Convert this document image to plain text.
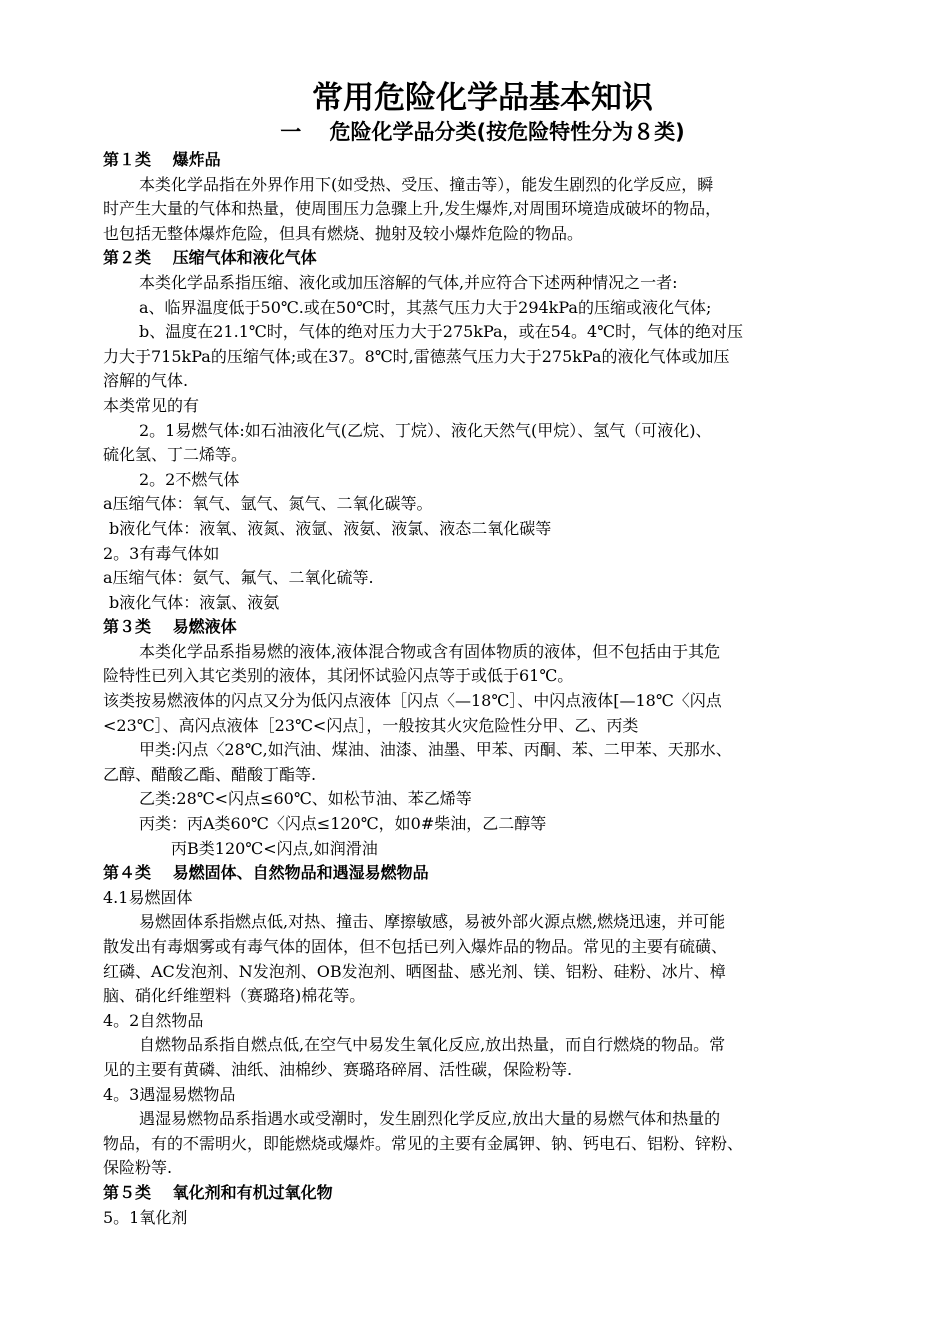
常用危险化学品基本知识
一　 危险化学品分类(按危险特性分为８类)

第１类　 爆炸品

本类化学品指在外界作用下(如受热、受压、撞击等），能发生剧烈的化学反应，瞬

时产生大量的气体和热量，使周围压力急骤上升,发生爆炸,对周围环境造成破坏的物品，

也包括无整体爆炸危险，但具有燃烧、抛射及较小爆炸危险的物品。

第２类　 压缩气体和液化气体

本类化学品系指压缩、液化或加压溶解的气体,并应符合下述两种情况之一者:

a、临界温度低于50℃.或在50℃时，其蒸气压力大于294kPa的压缩或液化气体;

b、温度在21.1℃时，气体的绝对压力大于275kPa，或在54。4℃时，气体的绝对压

力大于715kPa的压缩气体;或在37。8℃时,雷德蒸气压力大于275kPa的液化气体或加压

溶解的气体.

本类常见的有

2。1易燃气体:如石油液化气(乙烷、丁烷）、液化天然气(甲烷）、氢气（可液化)、

硫化氢、丁二烯等。

2。2不燃气体

a压缩气体：氧气、氩气、氮气、二氧化碳等。

b液化气体：液氧、液氮、液氩、液氨、液氯、液态二氧化碳等

2。3有毒气体如

a压缩气体：氨气、氟气、二氧化硫等.

b液化气体：液氯、液氨

第３类　 易燃液体

本类化学品系指易燃的液体,液体混合物或含有固体物质的液体，但不包括由于其危

险特性已列入其它类别的液体，其闭怀试验闪点等于或低于61℃。

该类按易燃液体的闪点又分为低闪点液体［闪点〈—18℃］、中闪点液体[—18℃〈闪点

<23℃］、高闪点液体［23℃<闪点］，一般按其火灾危险性分甲、乙、丙类

甲类:闪点〈28℃,如汽油、煤油、油漆、油墨、甲苯、丙酮、苯、二甲苯、天那水、

乙醇、醋酸乙酯、醋酸丁酯等.

乙类:28℃<闪点≤60℃、如松节油、苯乙烯等

丙类：丙A类60℃〈闪点≤120℃，如0#柴油，乙二醇等

丙B类120℃<闪点,如润滑油

第４类　 易燃固体、自然物品和遇湿易燃物品

4.1易燃固体

易燃固体系指燃点低,对热、撞击、摩擦敏感，易被外部火源点燃,燃烧迅速，并可能

散发出有毒烟雾或有毒气体的固体，但不包括已列入爆炸品的物品。常见的主要有硫磺、

红磷、AC发泡剂、N发泡剂、OB发泡剂、晒图盐、感光剂、镁、铝粉、硅粉、冰片、樟

脑、硝化纤维塑料（赛璐珞)棉花等。

4。2自然物品

自燃物品系指自燃点低,在空气中易发生氧化反应,放出热量，而自行燃烧的物品。常

见的主要有黄磷、油纸、油棉纱、赛璐珞碎屑、活性碳，保险粉等.

4。3遇湿易燃物品

遇湿易燃物品系指遇水或受潮时，发生剧烈化学反应,放出大量的易燃气体和热量的

物品，有的不需明火，即能燃烧或爆炸。常见的主要有金属钾、钠、钙电石、铝粉、锌粉、

保险粉等.

第５类　 氧化剂和有机过氧化物

5。1氧化剂
